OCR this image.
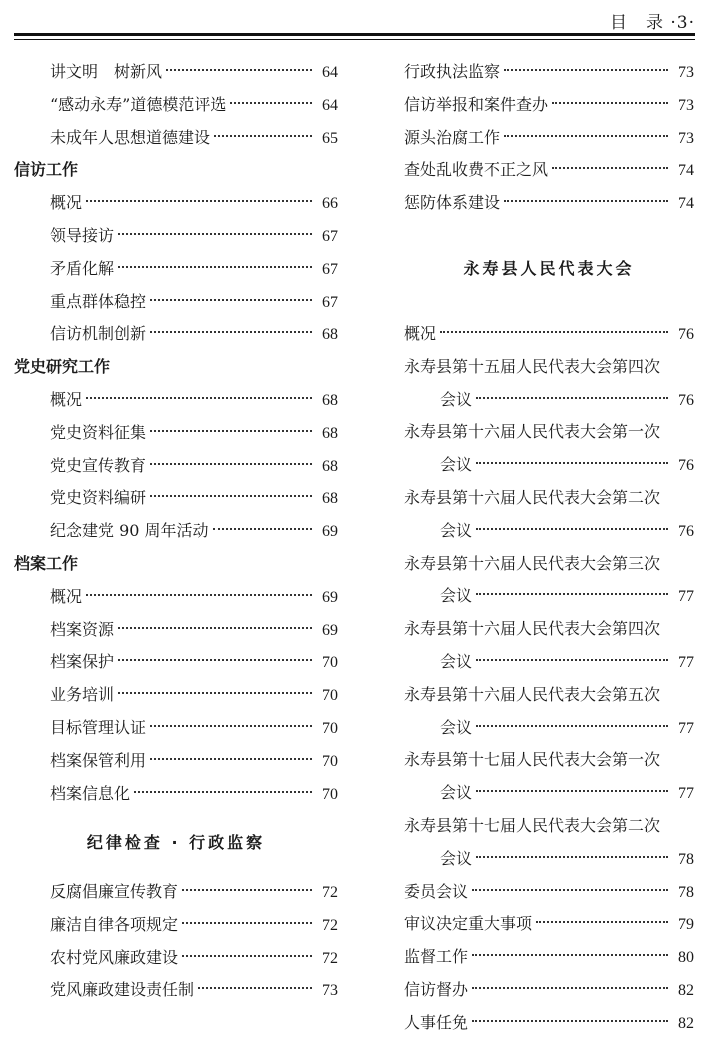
目　录 ·3·
讲文明　树新风	64
“感动永寿”道德模范评选	64
未成年人思想道德建设	65
信访工作
概况	66
领导接访	67
矛盾化解	67
重点群体稳控	67
信访机制创新	68
党史研究工作
概况	68
党史资料征集	68
党史宣传教育	68
党史资料编研	68
纪念建党 90 周年活动	69
档案工作
概况	69
档案资源	69
档案保护	70
业务培训	70
目标管理认证	70
档案保管利用	70
档案信息化	70
纪律检查 · 行政监察
反腐倡廉宣传教育	72
廉洁自律各项规定	72
农村党风廉政建设	72
党风廉政建设责任制	73
行政执法监察	73
信访举报和案件查办	73
源头治腐工作	73
查处乱收费不正之风	74
惩防体系建设	74
永寿县人民代表大会
概况	76
永寿县第十五届人民代表大会第四次
会议	76
永寿县第十六届人民代表大会第一次
会议	76
永寿县第十六届人民代表大会第二次
会议	76
永寿县第十六届人民代表大会第三次
会议	77
永寿县第十六届人民代表大会第四次
会议	77
永寿县第十六届人民代表大会第五次
会议	77
永寿县第十七届人民代表大会第一次
会议	77
永寿县第十七届人民代表大会第二次
会议	78
委员会议	78
审议决定重大事项	79
监督工作	80
信访督办	82
人事任免	82
